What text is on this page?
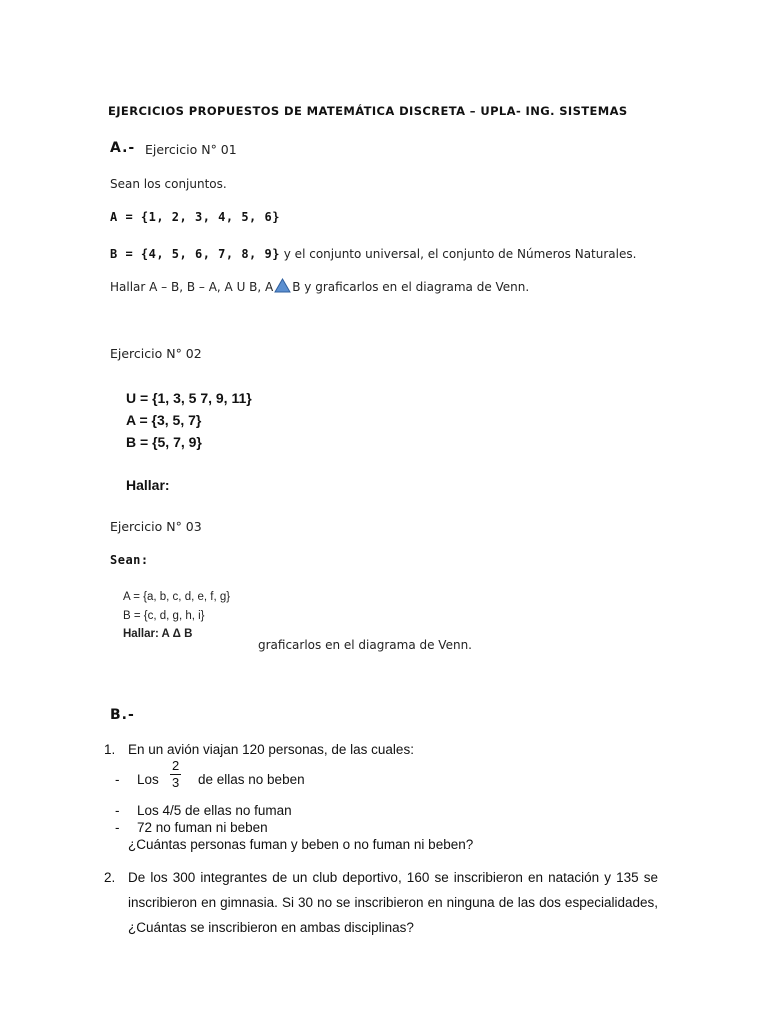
EJERCICIOS PROPUESTOS DE MATEMÁTICA DISCRETA – UPLA- ING. SISTEMAS
A.- Ejercicio N° 01
Sean los conjuntos.
A = {1, 2, 3, 4, 5, 6}
B = {4, 5, 6, 7, 8, 9} y el conjunto universal, el conjunto de Números Naturales.
Hallar A – B, B – A, A U B, A B y graficarlos en el diagrama de Venn.
Ejercicio N° 02
U = {1, 3, 5 7, 9, 11}
A = {3, 5, 7}
B = {5, 7, 9}
Hallar:
Ejercicio N° 03
Sean:
A = {a, b, c, d, e, f, g}
B = {c, d, g, h, i}
Hallar: A Δ B
graficarlos en el diagrama de Venn.
B.-
1. En un avión viajan 120 personas, de las cuales:
- Los $\frac{2}{3}$ de ellas no beben
- Los 4/5 de ellas no fuman
- 72 no fuman ni beben
¿Cuántas personas fuman y beben o no fuman ni beben?
2. De los 300 integrantes de un club deportivo, 160 se inscribieron en natación y 135 se inscribieron en gimnasia. Si 30 no se inscribieron en ninguna de las dos especialidades, ¿Cuántas se inscribieron en ambas disciplinas?
